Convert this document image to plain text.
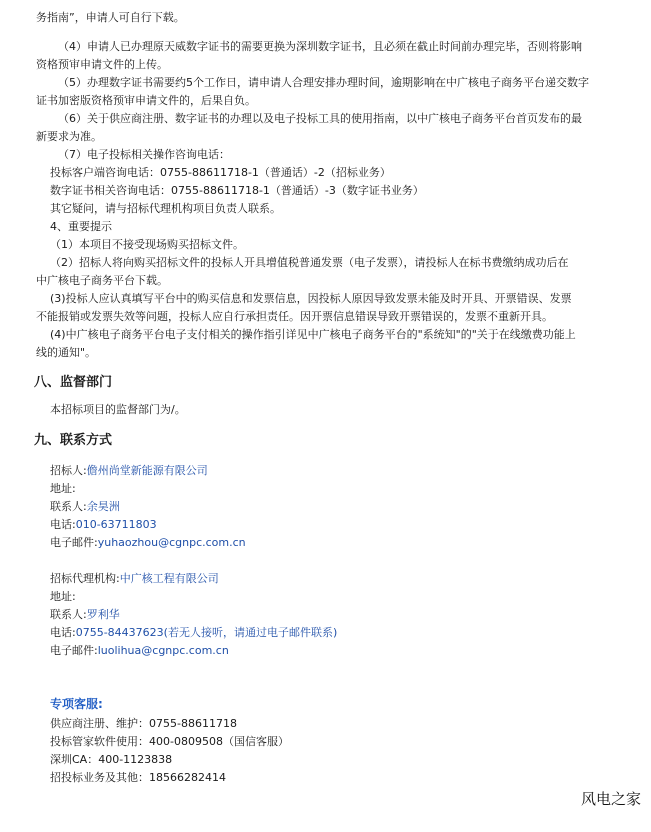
务指南”，申请人可自行下载。
（4）申请人已办理原天威数字证书的需要更换为深圳数字证书，且必须在截止时间前办理完毕，否则将影响
资格预审申请文件的上传。
（5）办理数字证书需要约5个工作日，请申请人合理安排办理时间，逾期影响在中广核电子商务平台递交数字
证书加密版资格预审申请文件的，后果自负。
（6）关于供应商注册、数字证书的办理以及电子投标工具的使用指南，以中广核电子商务平台首页发布的最
新要求为准。
（7）电子投标相关操作咨询电话：
投标客户端咨询电话：0755-88611718-1（普通话）-2（招标业务）
数字证书相关咨询电话：0755-88611718-1（普通话）-3（数字证书业务）
其它疑问，请与招标代理机构项目负责人联系。
4、重要提示
（1）本项目不接受现场购买招标文件。
（2）招标人将向购买招标文件的投标人开具增值税普通发票（电子发票），请投标人在标书费缴纳成功后在
中广核电子商务平台下载。
(3)投标人应认真填写平台中的购买信息和发票信息，因投标人原因导致发票未能及时开具、开票错误、发票
不能报销或发票失效等问题，投标人应自行承担责任。因开票信息错误导致开票错误的，发票不重新开具。
(4)中广核电子商务平台电子支付相关的操作指引详见中广核电子商务平台的"系统知"的"关于在线缴费功能上
线的通知"。
八、监督部门
本招标项目的监督部门为/。
九、联系方式
招标人:儋州尚堂新能源有限公司
地址:
联系人:余昊洲
电话:010-63711803
电子邮件:yuhaozhou@cgnpc.com.cn
招标代理机构:中广核工程有限公司
地址:
联系人:罗利华
电话:0755-84437623(若无人接听，请通过电子邮件联系)
电子邮件:luolihua@cgnpc.com.cn
专项客服:
供应商注册、维护：0755-88611718
投标管家软件使用：400-0809508（国信客服）
深圳CA：400-1123838
招投标业务及其他：18566282414
风电之家
